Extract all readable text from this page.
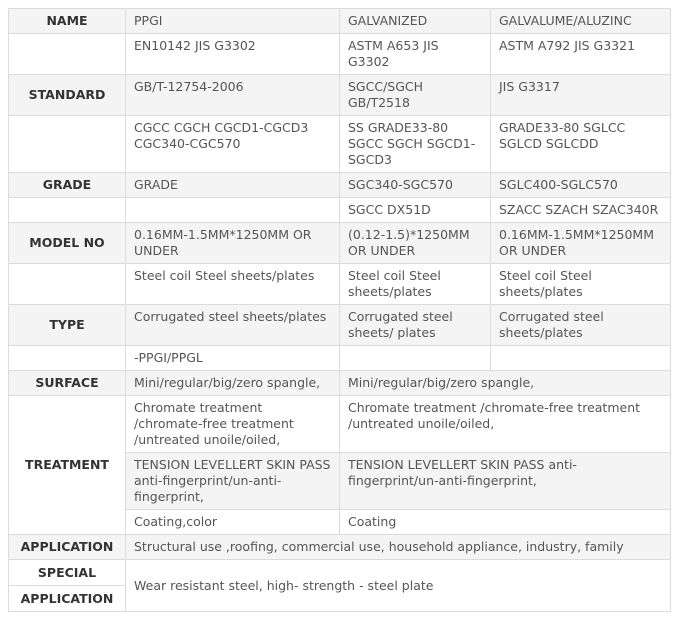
NAME	PPGI	GALVANIZED	GALVALUME/ALUZINC
	EN10142 JIS G3302	ASTM A653 JIS G3302	ASTM A792 JIS G3321
STANDARD	GB/T-12754-2006	SGCC/SGCH GB/T2518	JIS G3317
	CGCC CGCH CGCD1-CGCD3 CGC340-CGC570	SS GRADE33-80 SGCC SGCH SGCD1-SGCD3	GRADE33-80 SGLCC SGLCD SGLCDD
GRADE	GRADE	SGC340-SGC570	SGLC400-SGLC570
		SGCC DX51D	SZACC SZACH SZAC340R
MODEL NO	0.16MM-1.5MM*1250MM OR UNDER	(0.12-1.5)*1250MM OR UNDER	0.16MM-1.5MM*1250MM OR UNDER
	Steel coil Steel sheets/plates	Steel coil Steel sheets/plates	Steel coil Steel sheets/plates
TYPE	Corrugated steel sheets/plates	Corrugated steel sheets/ plates	Corrugated steel sheets/plates
	-PPGI/PPGL		
SURFACE	Mini/regular/big/zero spangle,	Mini/regular/big/zero spangle,	
TREATMENT	Chromate treatment /chromate-free treatment /untreated unoile/oiled,	Chromate treatment /chromate-free treatment /untreated unoile/oiled,	
	TENSION LEVELLERT SKIN PASS anti-fingerprint/un-anti-fingerprint,	TENSION LEVELLERT SKIN PASS anti-fingerprint/un-anti-fingerprint,	
	Coating,color	Coating	
APPLICATION	Structural use ,roofing, commercial use, household appliance, industry, family		
SPECIAL	Wear resistant steel, high- strength - steel plate		
APPLICATION			
